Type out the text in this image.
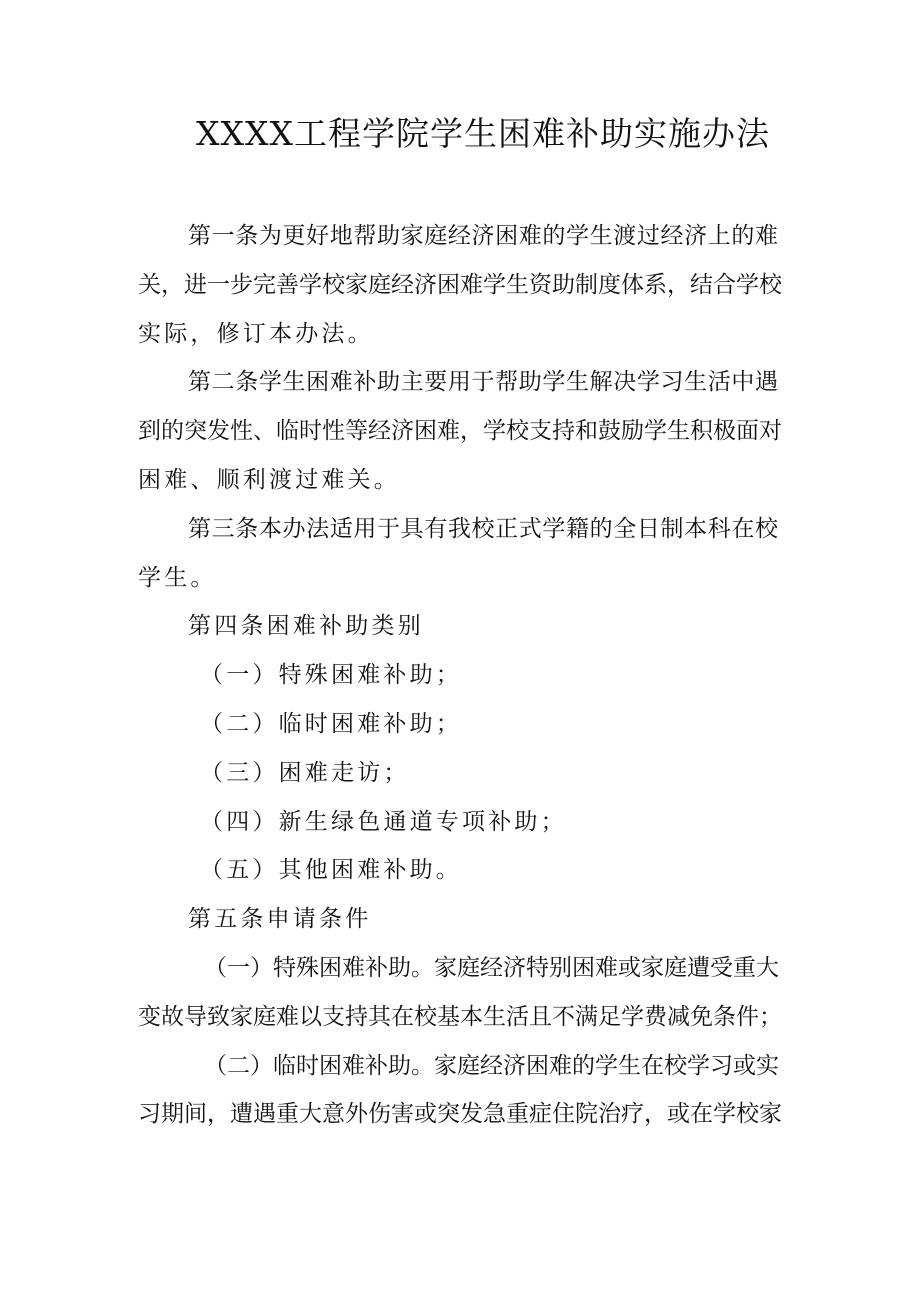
XXXX工程学院学生困难补助实施办法
第一条为更好地帮助家庭经济困难的学生渡过经济上的难
关，进一步完善学校家庭经济困难学生资助制度体系，结合学校
实际，修订本办法。
第二条学生困难补助主要用于帮助学生解决学习生活中遇
到的突发性、临时性等经济困难，学校支持和鼓励学生积极面对
困难、顺利渡过难关。
第三条本办法适用于具有我校正式学籍的全日制本科在校
学生。
第四条困难补助类别
（一）特殊困难补助；
（二）临时困难补助；
（三）困难走访；
（四）新生绿色通道专项补助；
（五）其他困难补助。
第五条申请条件
（一）特殊困难补助。家庭经济特别困难或家庭遭受重大
变故导致家庭难以支持其在校基本生活且不满足学费减免条件；
（二）临时困难补助。家庭经济困难的学生在校学习或实
习期间，遭遇重大意外伤害或突发急重症住院治疗，或在学校家
